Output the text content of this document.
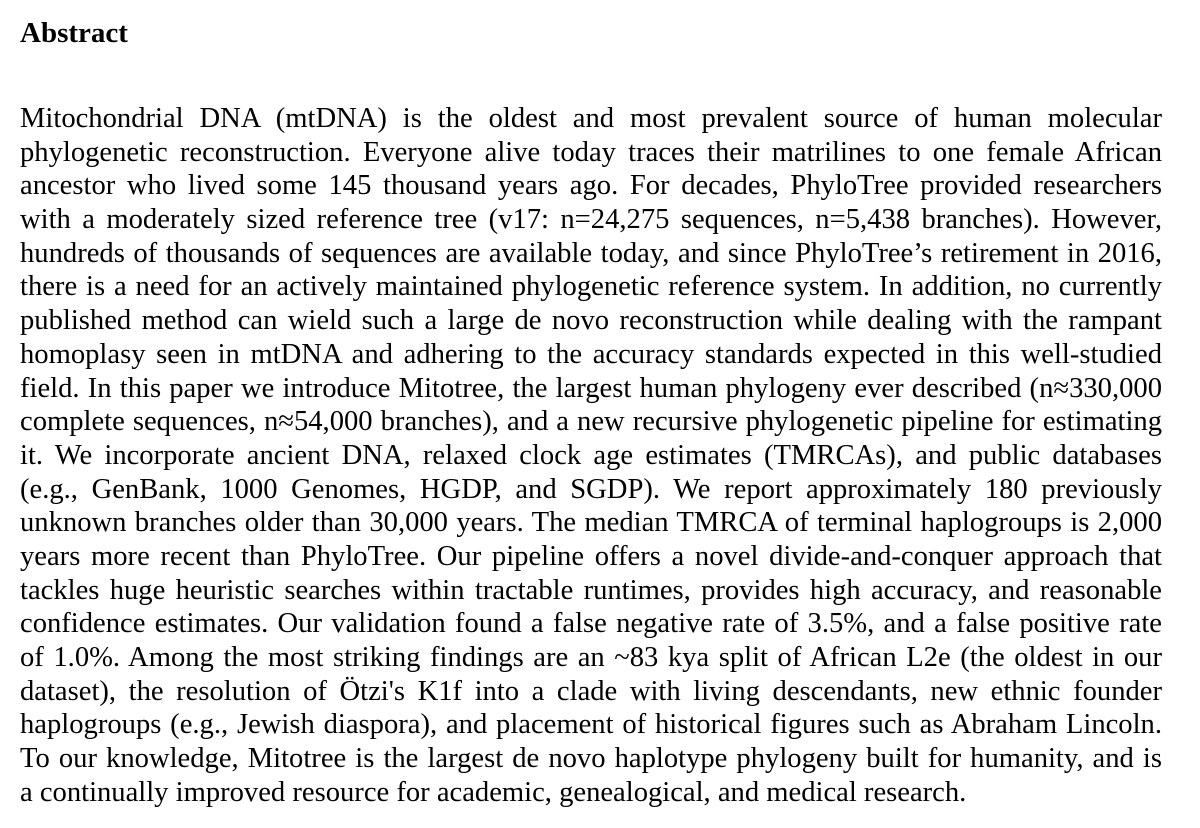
Abstract
Mitochondrial DNA (mtDNA) is the oldest and most prevalent source of human molecular
phylogenetic reconstruction. Everyone alive today traces their matrilines to one female African
ancestor who lived some 145 thousand years ago. For decades, PhyloTree provided researchers
with a moderately sized reference tree (v17: n=24,275 sequences, n=5,438 branches). However,
hundreds of thousands of sequences are available today, and since PhyloTree’s retirement in 2016,
there is a need for an actively maintained phylogenetic reference system. In addition, no currently
published method can wield such a large de novo reconstruction while dealing with the rampant
homoplasy seen in mtDNA and adhering to the accuracy standards expected in this well-studied
field. In this paper we introduce Mitotree, the largest human phylogeny ever described (n≈330,000
complete sequences, n≈54,000 branches), and a new recursive phylogenetic pipeline for estimating
it. We incorporate ancient DNA, relaxed clock age estimates (TMRCAs), and public databases
(e.g., GenBank, 1000 Genomes, HGDP, and SGDP). We report approximately 180 previously
unknown branches older than 30,000 years. The median TMRCA of terminal haplogroups is 2,000
years more recent than PhyloTree. Our pipeline offers a novel divide-and-conquer approach that
tackles huge heuristic searches within tractable runtimes, provides high accuracy, and reasonable
confidence estimates. Our validation found a false negative rate of 3.5%, and a false positive rate
of 1.0%. Among the most striking findings are an ~83 kya split of African L2e (the oldest in our
dataset), the resolution of Ötzi's K1f into a clade with living descendants, new ethnic founder
haplogroups (e.g., Jewish diaspora), and placement of historical figures such as Abraham Lincoln.
To our knowledge, Mitotree is the largest de novo haplotype phylogeny built for humanity, and is
a continually improved resource for academic, genealogical, and medical research.
